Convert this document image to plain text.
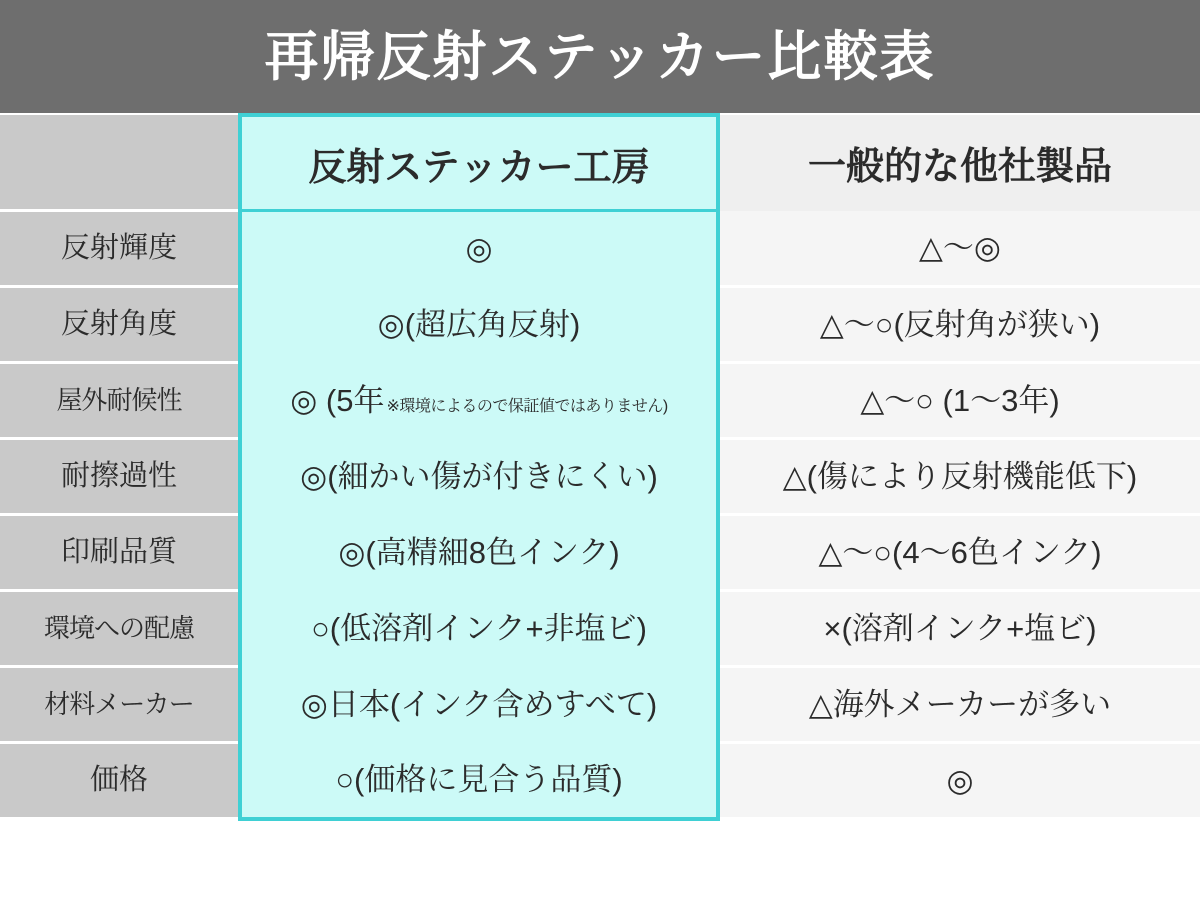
再帰反射ステッカー比較表
	反射ステッカー工房	一般的な他社製品
反射輝度	◎	△〜◎
反射角度	◎(超広角反射)	△〜○(反射角が狭い)
屋外耐候性	◎ (5年 ※環境によるので保証値ではありません)	△〜○ (1〜3年)
耐擦過性	◎(細かい傷が付きにくい)	△(傷により反射機能低下)
印刷品質	◎(高精細8色インク)	△〜○(4〜6色インク)
環境への配慮	○(低溶剤インク+非塩ビ)	×(溶剤インク+塩ビ)
材料メーカー	◎日本(インク含めすべて)	△海外メーカーが多い
価格	○(価格に見合う品質)	◎
